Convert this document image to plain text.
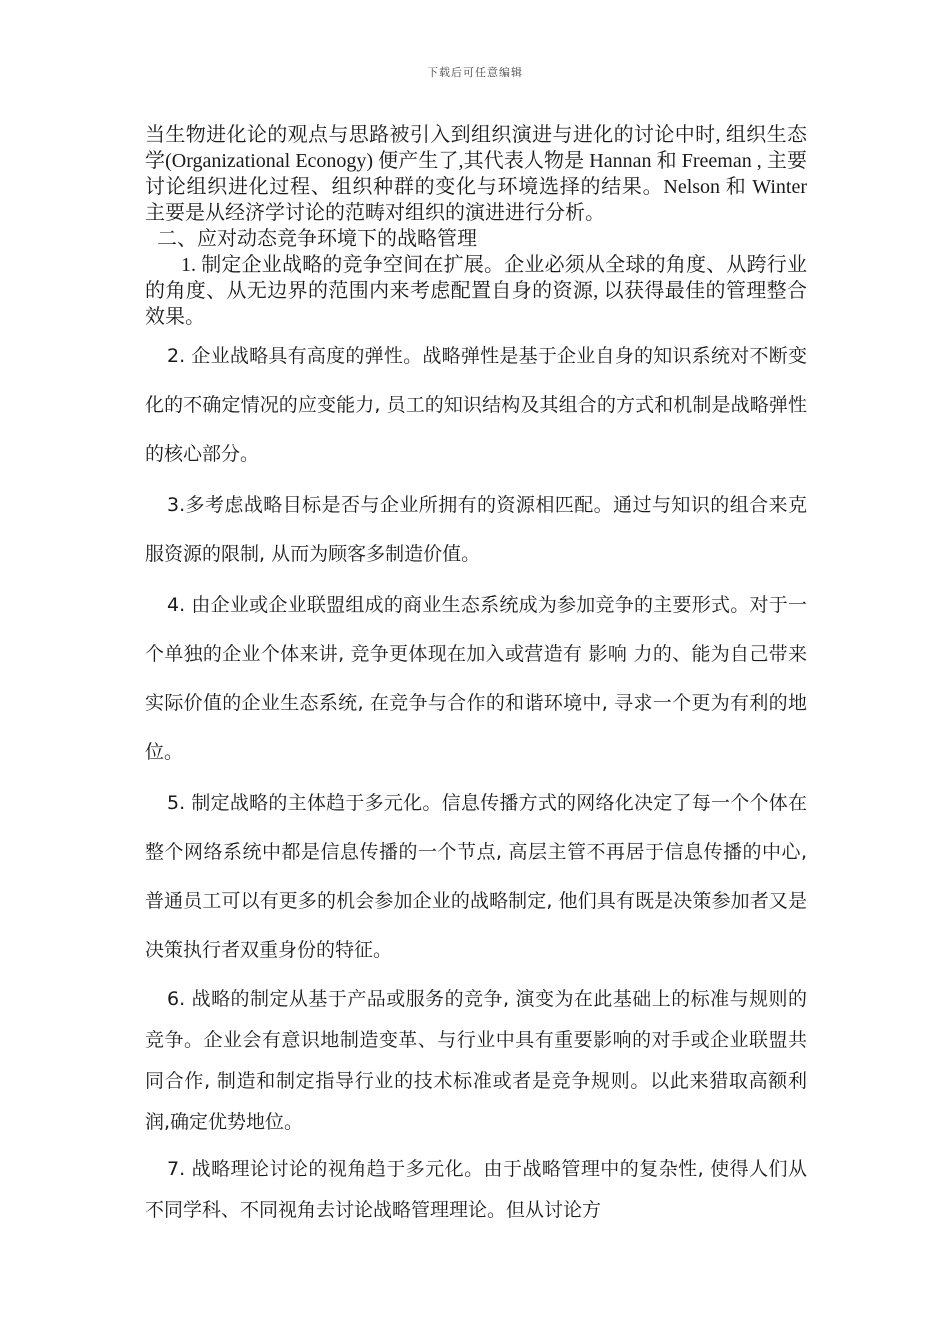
下载后可任意编辑

当生物进化论的观点与思路被引入到组织演进与进化的讨论中时, 组织生态学(Organizational Econogy) 便产生了,其代表人物是 Hannan 和 Freeman , 主要讨论组织进化过程、组织种群的变化与环境选择的结果。Nelson 和 Winter 主要是从经济学讨论的范畴对组织的演进进行分析。

二、应对动态竞争环境下的战略管理

1. 制定企业战略的竞争空间在扩展。企业必须从全球的角度、从跨行业的角度、从无边界的范围内来考虑配置自身的资源, 以获得最佳的管理整合效果。

2. 企业战略具有高度的弹性。战略弹性是基于企业自身的知识系统对不断变化的不确定情况的应变能力, 员工的知识结构及其组合的方式和机制是战略弹性的核心部分。

3.多考虑战略目标是否与企业所拥有的资源相匹配。通过与知识的组合来克服资源的限制, 从而为顾客多制造价值。

4. 由企业或企业联盟组成的商业生态系统成为参加竞争的主要形式。对于一个单独的企业个体来讲, 竞争更体现在加入或营造有 影响 力的、能为自己带来实际价值的企业生态系统, 在竞争与合作的和谐环境中, 寻求一个更为有利的地位。

5. 制定战略的主体趋于多元化。信息传播方式的网络化决定了每一个个体在整个网络系统中都是信息传播的一个节点, 高层主管不再居于信息传播的中心, 普通员工可以有更多的机会参加企业的战略制定, 他们具有既是决策参加者又是决策执行者双重身份的特征。

6. 战略的制定从基于产品或服务的竞争, 演变为在此基础上的标准与规则的竞争。企业会有意识地制造变革、与行业中具有重要影响的对手或企业联盟共同合作, 制造和制定指导行业的技术标准或者是竞争规则。以此来猎取高额利润,确定优势地位。

7. 战略理论讨论的视角趋于多元化。由于战略管理中的复杂性, 使得人们从不同学科、不同视角去讨论战略管理理论。但从讨论方
